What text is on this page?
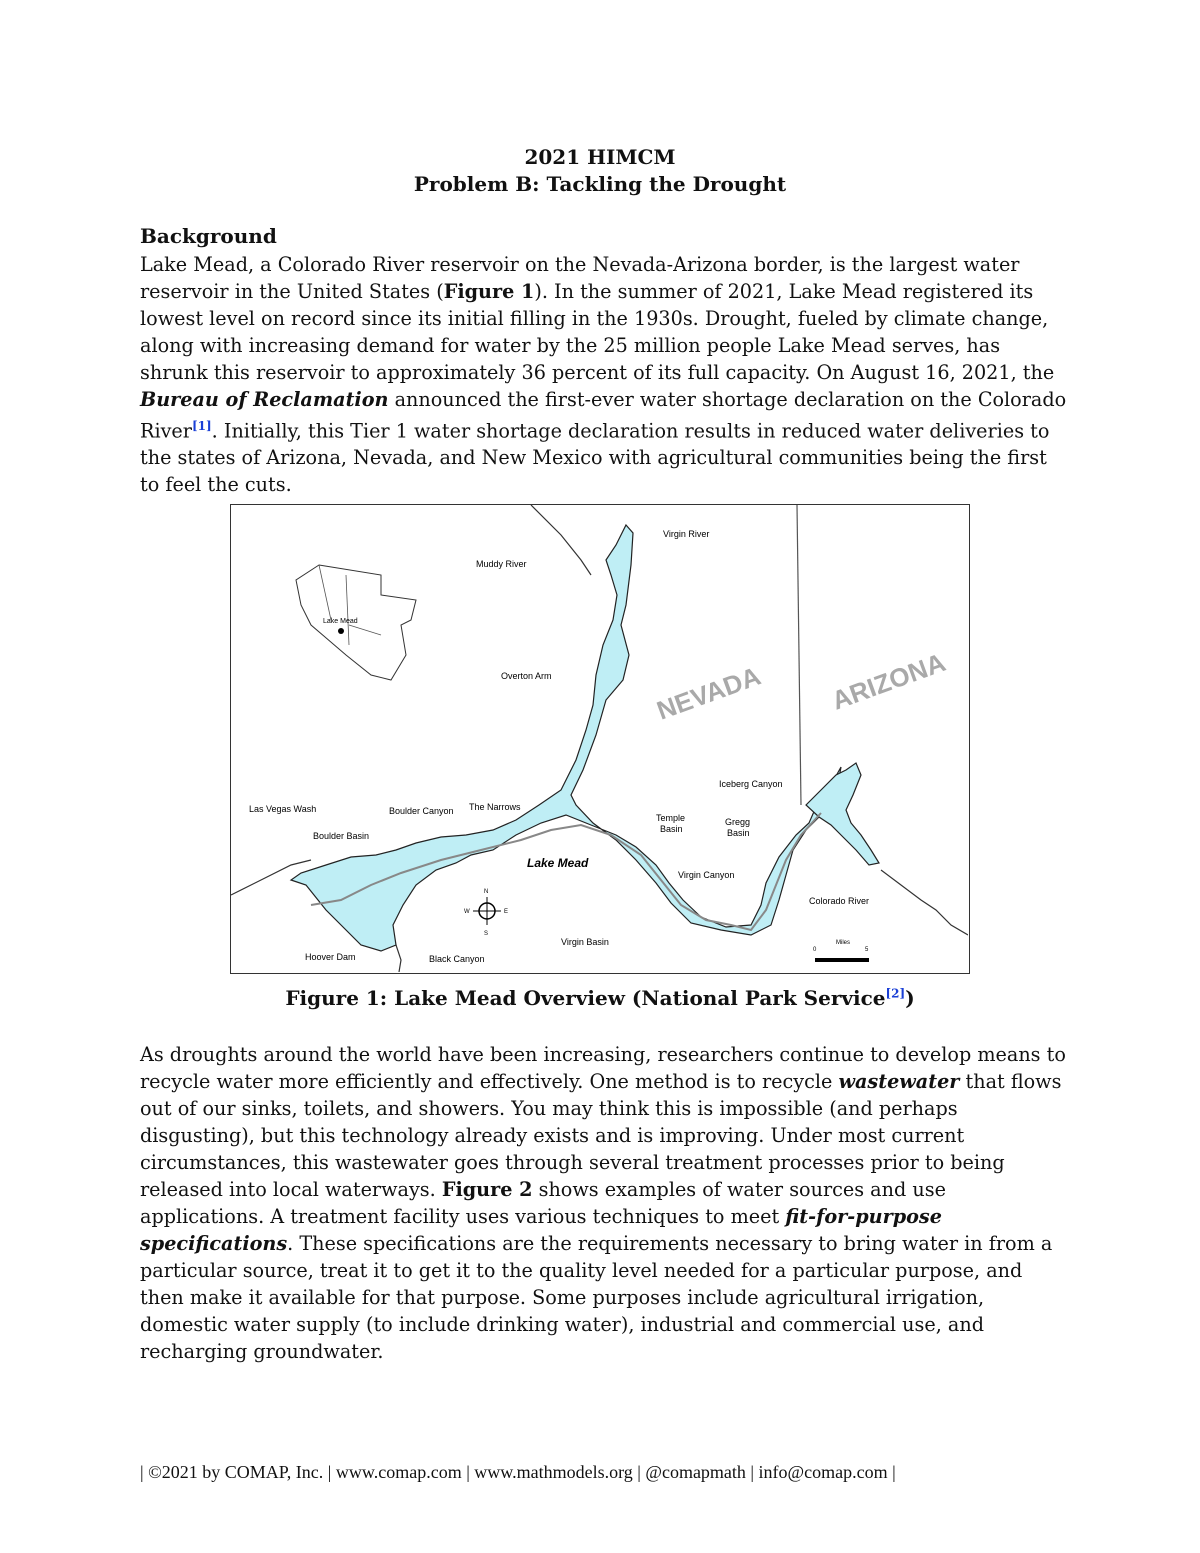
2021 HIMCM
Problem B: Tackling the Drought
Background
Lake Mead, a Colorado River reservoir on the Nevada-Arizona border, is the largest water reservoir in the United States (Figure 1). In the summer of 2021, Lake Mead registered its lowest level on record since its initial filling in the 1930s. Drought, fueled by climate change, along with increasing demand for water by the 25 million people Lake Mead serves, has shrunk this reservoir to approximately 36 percent of its full capacity. On August 16, 2021, the Bureau of Reclamation announced the first-ever water shortage declaration on the Colorado River[1]. Initially, this Tier 1 water shortage declaration results in reduced water deliveries to the states of Arizona, Nevada, and New Mexico with agricultural communities being the first to feel the cuts.
Lake Mead
NEVADA ARIZONA
Virgin River
Muddy River
Overton Arm
Iceberg Canyon
Las Vegas Wash	Boulder Canyon The Narrows
Boulder Basin
Temple
Basin
Gregg
Basin
Lake Mead
Virgin Canyon
Colorado River
Virgin Basin
Hoover Dam	Black Canyon
N
S
E
W
0
Miles
5
Figure 1: Lake Mead Overview (National Park Service[2])
As droughts around the world have been increasing, researchers continue to develop means to recycle water more efficiently and effectively. One method is to recycle wastewater that flows out of our sinks, toilets, and showers. You may think this is impossible (and perhaps disgusting), but this technology already exists and is improving. Under most current circumstances, this wastewater goes through several treatment processes prior to being released into local waterways. Figure 2 shows examples of water sources and use applications. A treatment facility uses various techniques to meet fit-for-purpose specifications. These specifications are the requirements necessary to bring water in from a particular source, treat it to get it to the quality level needed for a particular purpose, and then make it available for that purpose. Some purposes include agricultural irrigation, domestic water supply (to include drinking water), industrial and commercial use, and recharging groundwater.
| ©2021 by COMAP, Inc. | www.comap.com | www.mathmodels.org | @comapmath | info@comap.com |
